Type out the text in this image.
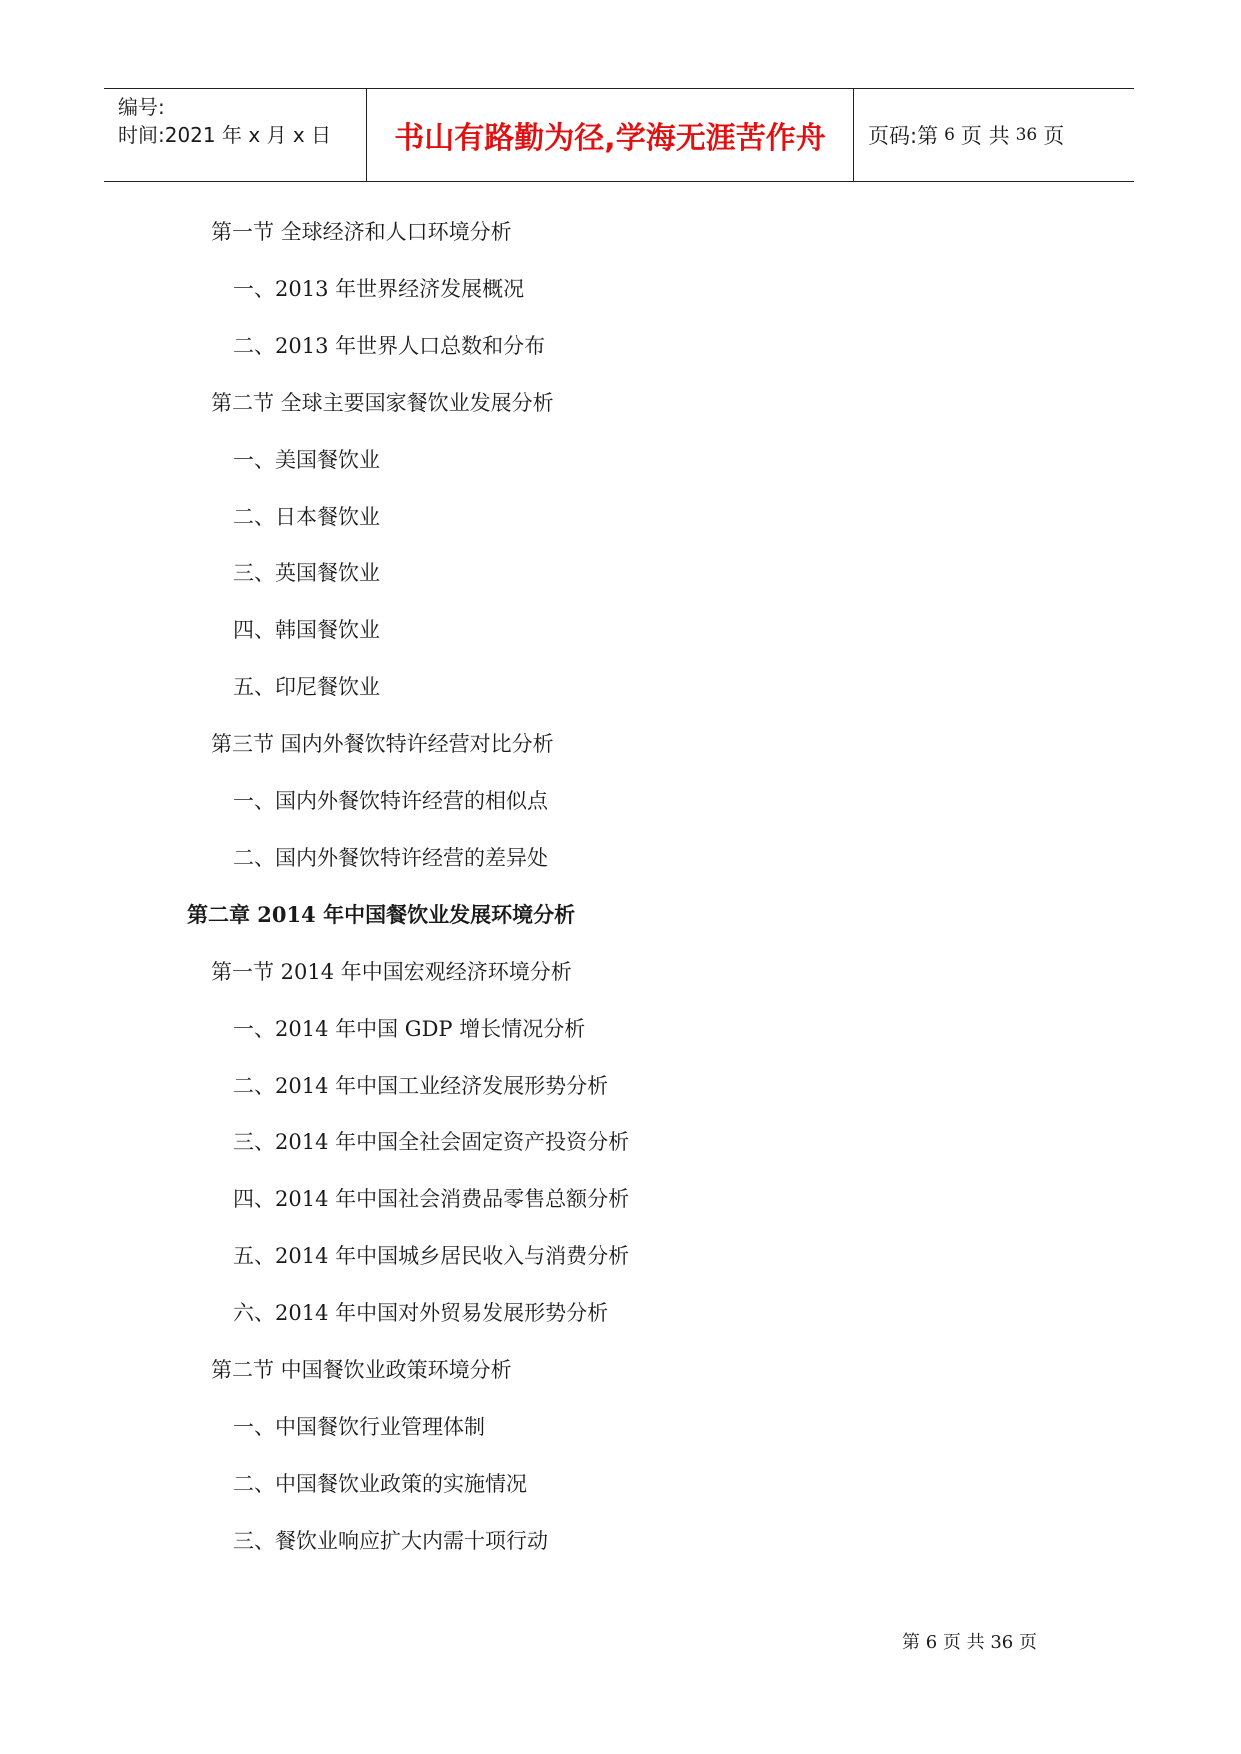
编号:
时间:2021 年 x 月 x 日	书山有路勤为径,学海无涯苦作舟	页码:第 6 页 共 36 页
第一节 全球经济和人口环境分析
一、2013 年世界经济发展概况
二、2013 年世界人口总数和分布
第二节 全球主要国家餐饮业发展分析
一、美国餐饮业
二、日本餐饮业
三、英国餐饮业
四、韩国餐饮业
五、印尼餐饮业
第三节 国内外餐饮特许经营对比分析
一、国内外餐饮特许经营的相似点
二、国内外餐饮特许经营的差异处
第二章 2014 年中国餐饮业发展环境分析
第一节 2014 年中国宏观经济环境分析
一、2014 年中国 GDP 增长情况分析
二、2014 年中国工业经济发展形势分析
三、2014 年中国全社会固定资产投资分析
四、2014 年中国社会消费品零售总额分析
五、2014 年中国城乡居民收入与消费分析
六、2014 年中国对外贸易发展形势分析
第二节 中国餐饮业政策环境分析
一、中国餐饮行业管理体制
二、中国餐饮业政策的实施情况
三、餐饮业响应扩大内需十项行动
第 6 页 共 36 页
